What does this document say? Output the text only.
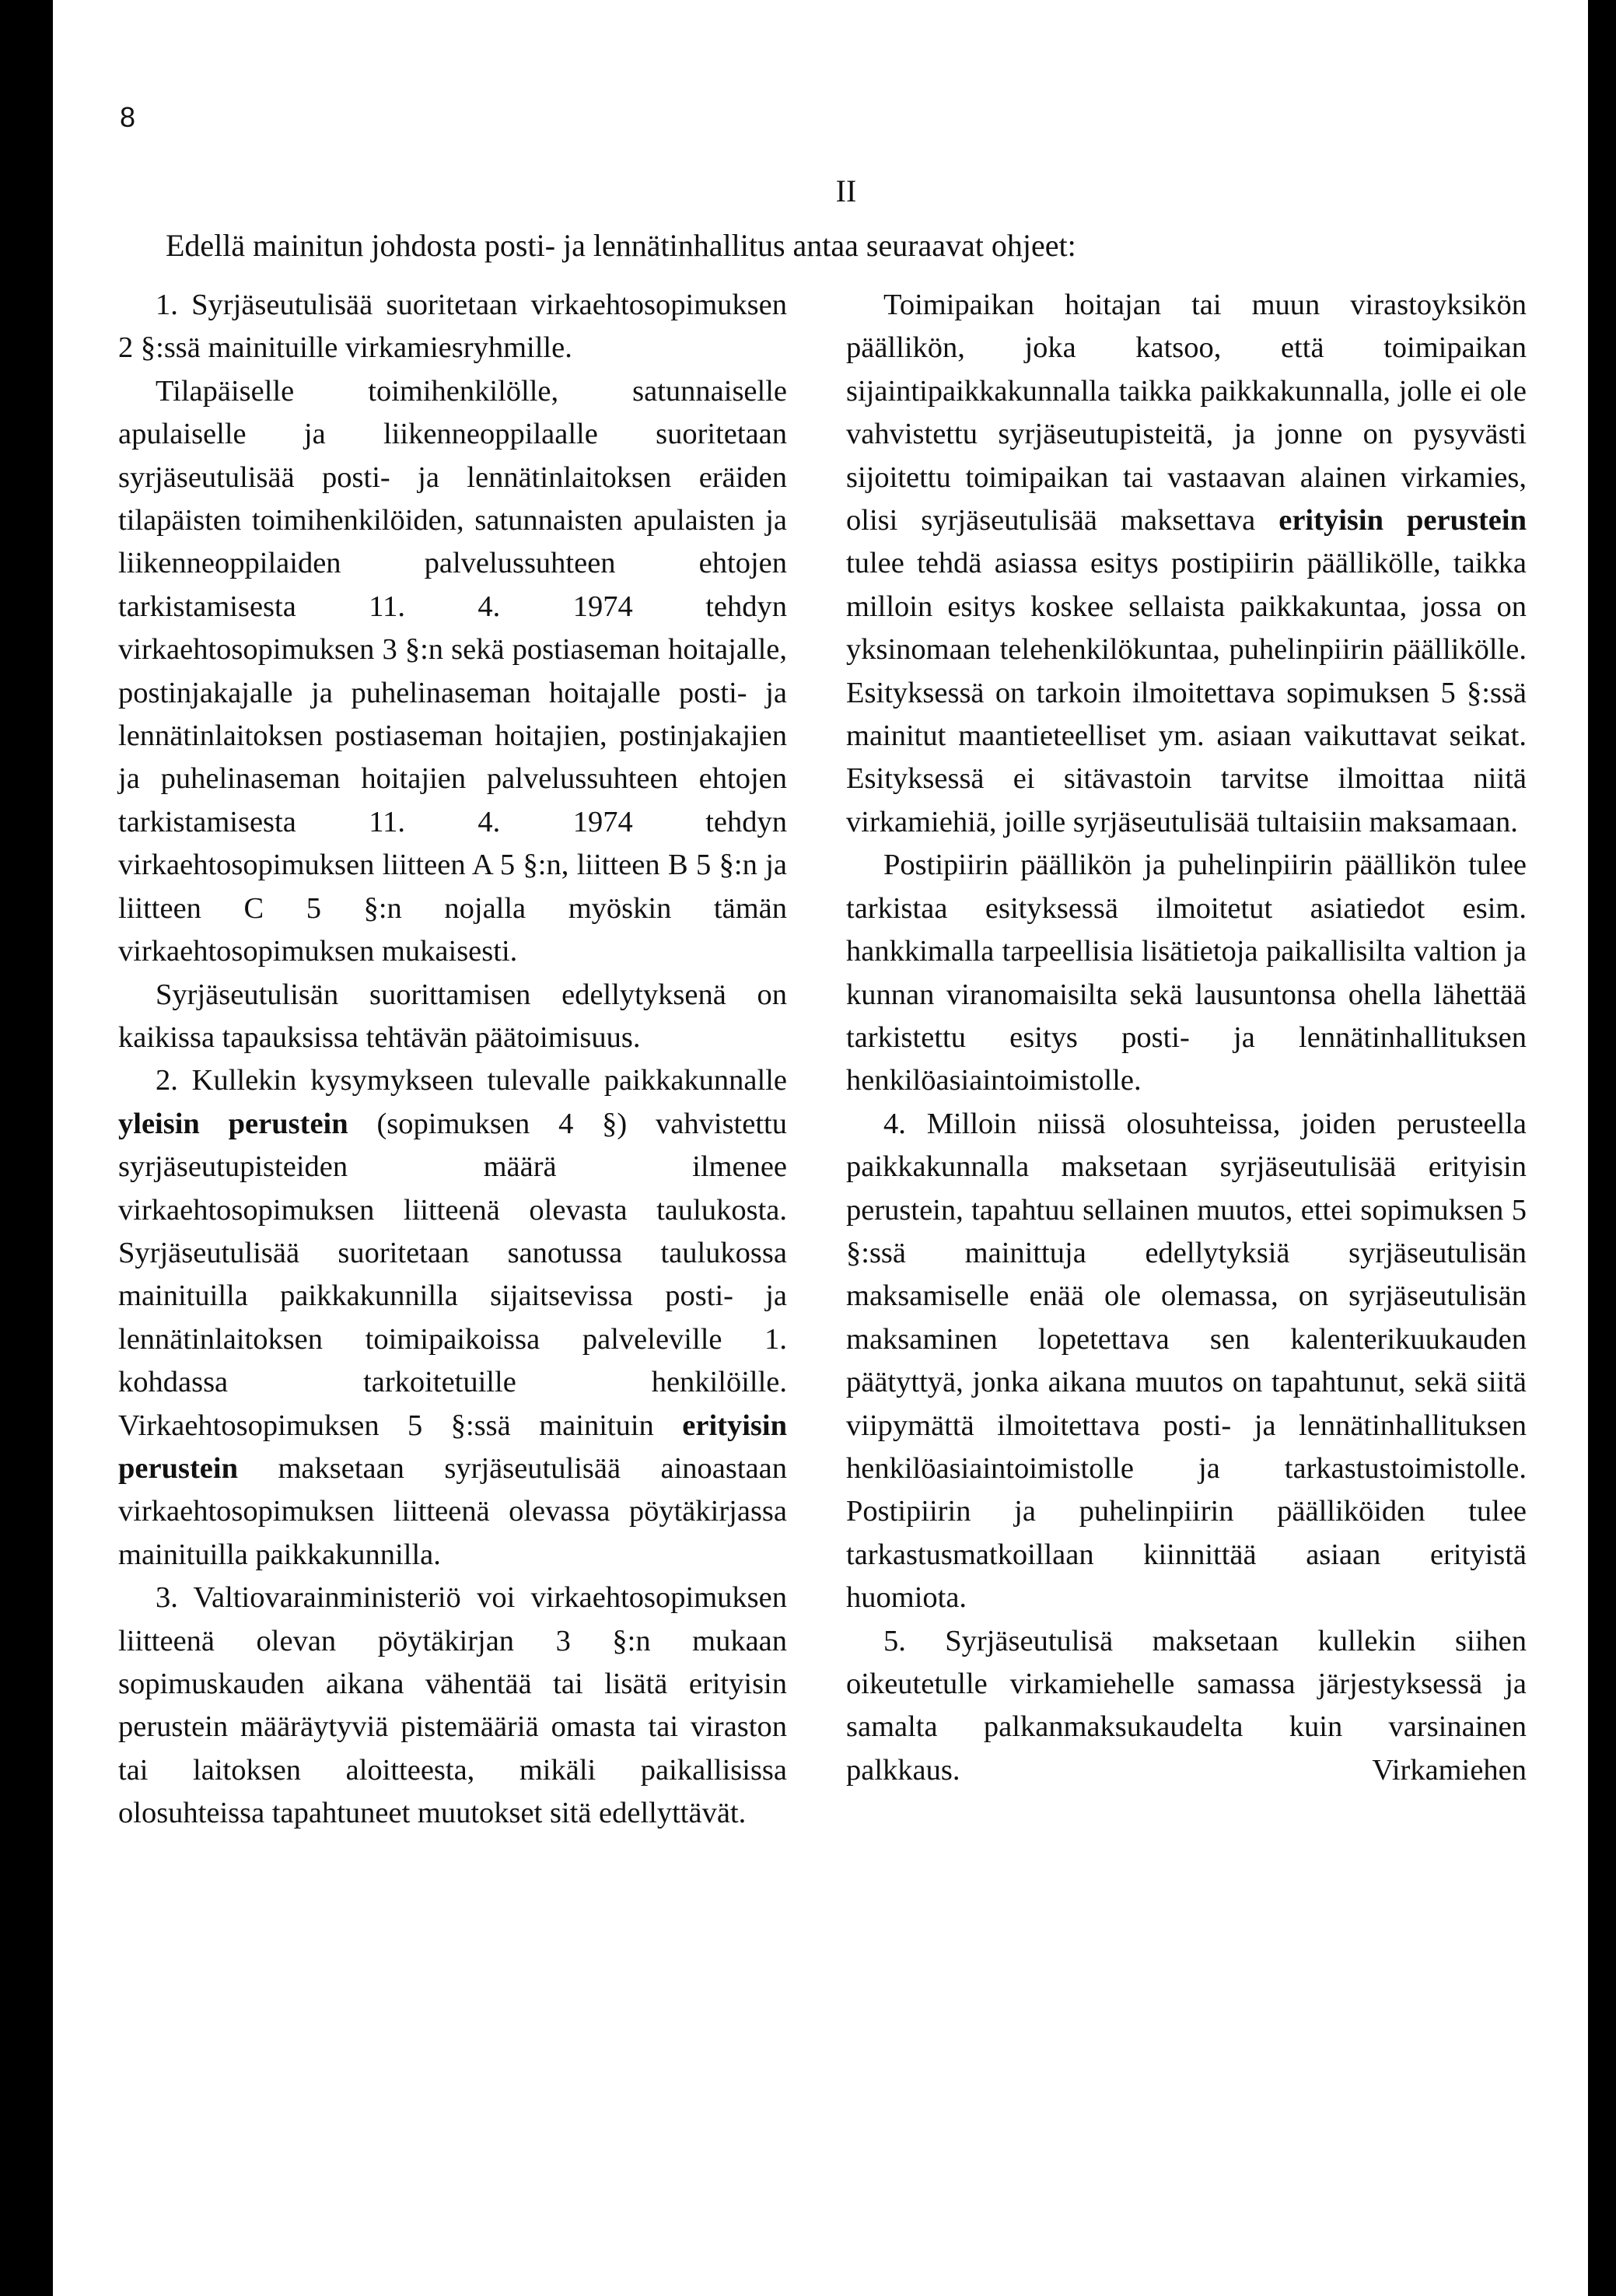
8
II
Edellä mainitun johdosta posti- ja lennätinhallitus antaa seuraavat ohjeet:

1. Syrjäseutulisää suoritetaan virkaehtosopimuksen 2 §:ssä mainituille virkamiesryhmille.

Tilapäiselle toimihenkilölle, satunnaiselle apulaiselle ja liikenneoppilaalle suoritetaan syrjäseutulisää posti- ja lennätinlaitoksen eräiden tilapäisten toimihenkilöiden, satunnaisten apulaisten ja liikenneoppilaiden palvelussuhteen ehtojen tarkistamisesta 11. 4. 1974 tehdyn virkaehtosopimuksen 3 §:n sekä postiaseman hoitajalle, postinjakajalle ja puhelinaseman hoitajalle posti- ja lennätinlaitoksen postiaseman hoitajien, postinjakajien ja puhelinaseman hoitajien palvelussuhteen ehtojen tarkistamisesta 11. 4. 1974 tehdyn virkaehtosopimuksen liitteen A 5 §:n, liitteen B 5 §:n ja liitteen C 5 §:n nojalla myöskin tämän virkaehtosopimuksen mukaisesti.

Syrjäseutulisän suorittamisen edellytyksenä on kaikissa tapauksissa tehtävän päätoimisuus.

2. Kullekin kysymykseen tulevalle paikkakunnalle yleisin perustein (sopimuksen 4 §) vahvistettu syrjäseutupisteiden määrä ilmenee virkaehtosopimuksen liitteenä olevasta taulukosta. Syrjäseutulisää suoritetaan sanotussa taulukossa mainituilla paikkakunnilla sijaitsevissa posti- ja lennätinlaitoksen toimipaikoissa palveleville 1. kohdassa tarkoitetuille henkilöille. Virkaehtosopimuksen 5 §:ssä mainituin erityisin perustein maksetaan syrjäseutulisää ainoastaan virkaehtosopimuksen liitteenä olevassa pöytäkirjassa mainituilla paikkakunnilla.

3. Valtiovarainministeriö voi virkaehtosopimuksen liitteenä olevan pöytäkirjan 3 §:n mukaan sopimuskauden aikana vähentää tai lisätä erityisin perustein määräytyviä pistemääriä omasta tai viraston tai laitoksen aloitteesta, mikäli paikallisissa olosuhteissa tapahtuneet muutokset sitä edellyttävät.

Toimipaikan hoitajan tai muun virastoyksikön päällikön, joka katsoo, että toimipaikan sijaintipaikkakunnalla taikka paikkakunnalla, jolle ei ole vahvistettu syrjäseutupisteitä, ja jonne on pysyvästi sijoitettu toimipaikan tai vastaavan alainen virkamies, olisi syrjäseutulisää maksettava erityisin perustein tulee tehdä asiassa esitys postipiirin päällikölle, taikka milloin esitys koskee sellaista paikkakuntaa, jossa on yksinomaan telehenkilökuntaa, puhelinpiirin päällikölle. Esityksessä on tarkoin ilmoitettava sopimuksen 5 §:ssä mainitut maantieteelliset ym. asiaan vaikuttavat seikat. Esityksessä ei sitävastoin tarvitse ilmoittaa niitä virkamiehiä, joille syrjäseutulisää tultaisiin maksamaan.

Postipiirin päällikön ja puhelinpiirin päällikön tulee tarkistaa esityksessä ilmoitetut asiatiedot esim. hankkimalla tarpeellisia lisätietoja paikallisilta valtion ja kunnan viranomaisilta sekä lausuntonsa ohella lähettää tarkistettu esitys posti- ja lennätinhallituksen henkilöasiaintoimistolle.

4. Milloin niissä olosuhteissa, joiden perusteella paikkakunnalla maksetaan syrjäseutulisää erityisin perustein, tapahtuu sellainen muutos, ettei sopimuksen 5 §:ssä mainittuja edellytyksiä syrjäseutulisän maksamiselle enää ole olemassa, on syrjäseutulisän maksaminen lopetettava sen kalenterikuukauden päätyttyä, jonka aikana muutos on tapahtunut, sekä siitä viipymättä ilmoitettava posti- ja lennätinhallituksen henkilöasiaintoimistolle ja tarkastustoimistolle. Postipiirin ja puhelinpiirin päälliköiden tulee tarkastusmatkoillaan kiinnittää asiaan erityistä huomiota.

5. Syrjäseutulisä maksetaan kullekin siihen oikeutetulle virkamiehelle samassa järjestyksessä ja samalta palkanmaksukaudelta kuin varsinainen palkkaus. Virkamiehen
